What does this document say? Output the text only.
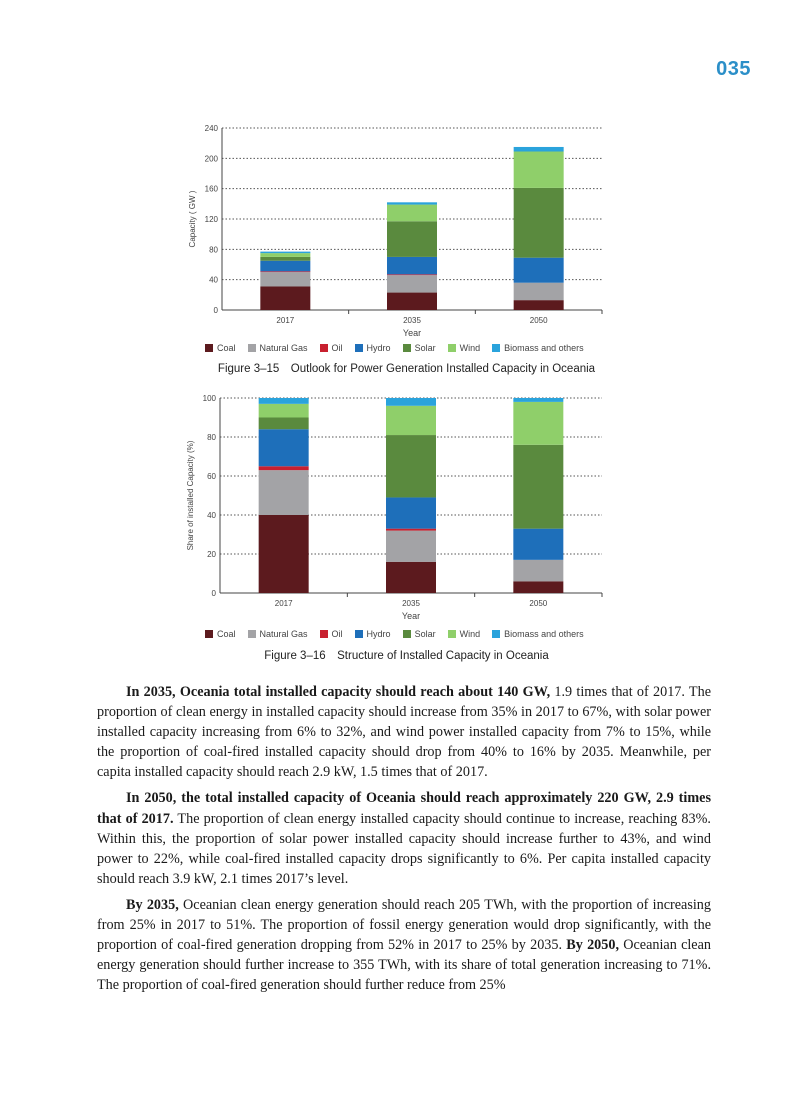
035
0
40
80
120
160
200
240
2017	2035	2050
Year
Capacity ( GW )
Coal	Natural Gas	Oil	Hydro	Solar	Wind	Biomass and others
Figure 3–15 Outlook for Power Generation Installed Capacity in Oceania
0
20
40
60
80
100
2017	2035	2050
Year
Share of installed Capacity (%)
Coal	Natural Gas	Oil	Hydro	Solar	Wind	Biomass and others
Figure 3–16 Structure of Installed Capacity in Oceania

In 2035, Oceania total installed capacity should reach about 140 GW, 1.9 times that of 2017. The proportion of clean energy in installed capacity should increase from 35% in 2017 to 67%, with solar power installed capacity increasing from 6% to 32%, and wind power installed capacity from 7% to 15%, while the proportion of coal-fired installed capacity should drop from 40% to 16% by 2035. Meanwhile, per capita installed capacity should reach 2.9 kW, 1.5 times that of 2017.

In 2050, the total installed capacity of Oceania should reach approximately 220 GW, 2.9 times that of 2017. The proportion of clean energy installed capacity should continue to increase, reaching 83%. Within this, the proportion of solar power installed capacity should increase further to 43%, and wind power to 22%, while coal-fired installed capacity drops significantly to 6%. Per capita installed capacity should reach 3.9 kW, 2.1 times 2017’s level.

By 2035, Oceanian clean energy generation should reach 205 TWh, with the proportion of increasing from 25% in 2017 to 51%. The proportion of fossil energy generation would drop significantly, with the proportion of coal-fired generation dropping from 52% in 2017 to 25% by 2035. By 2050, Oceanian clean energy generation should further increase to 355 TWh, with its share of total generation increasing to 71%. The proportion of coal-fired generation should further reduce from 25%
